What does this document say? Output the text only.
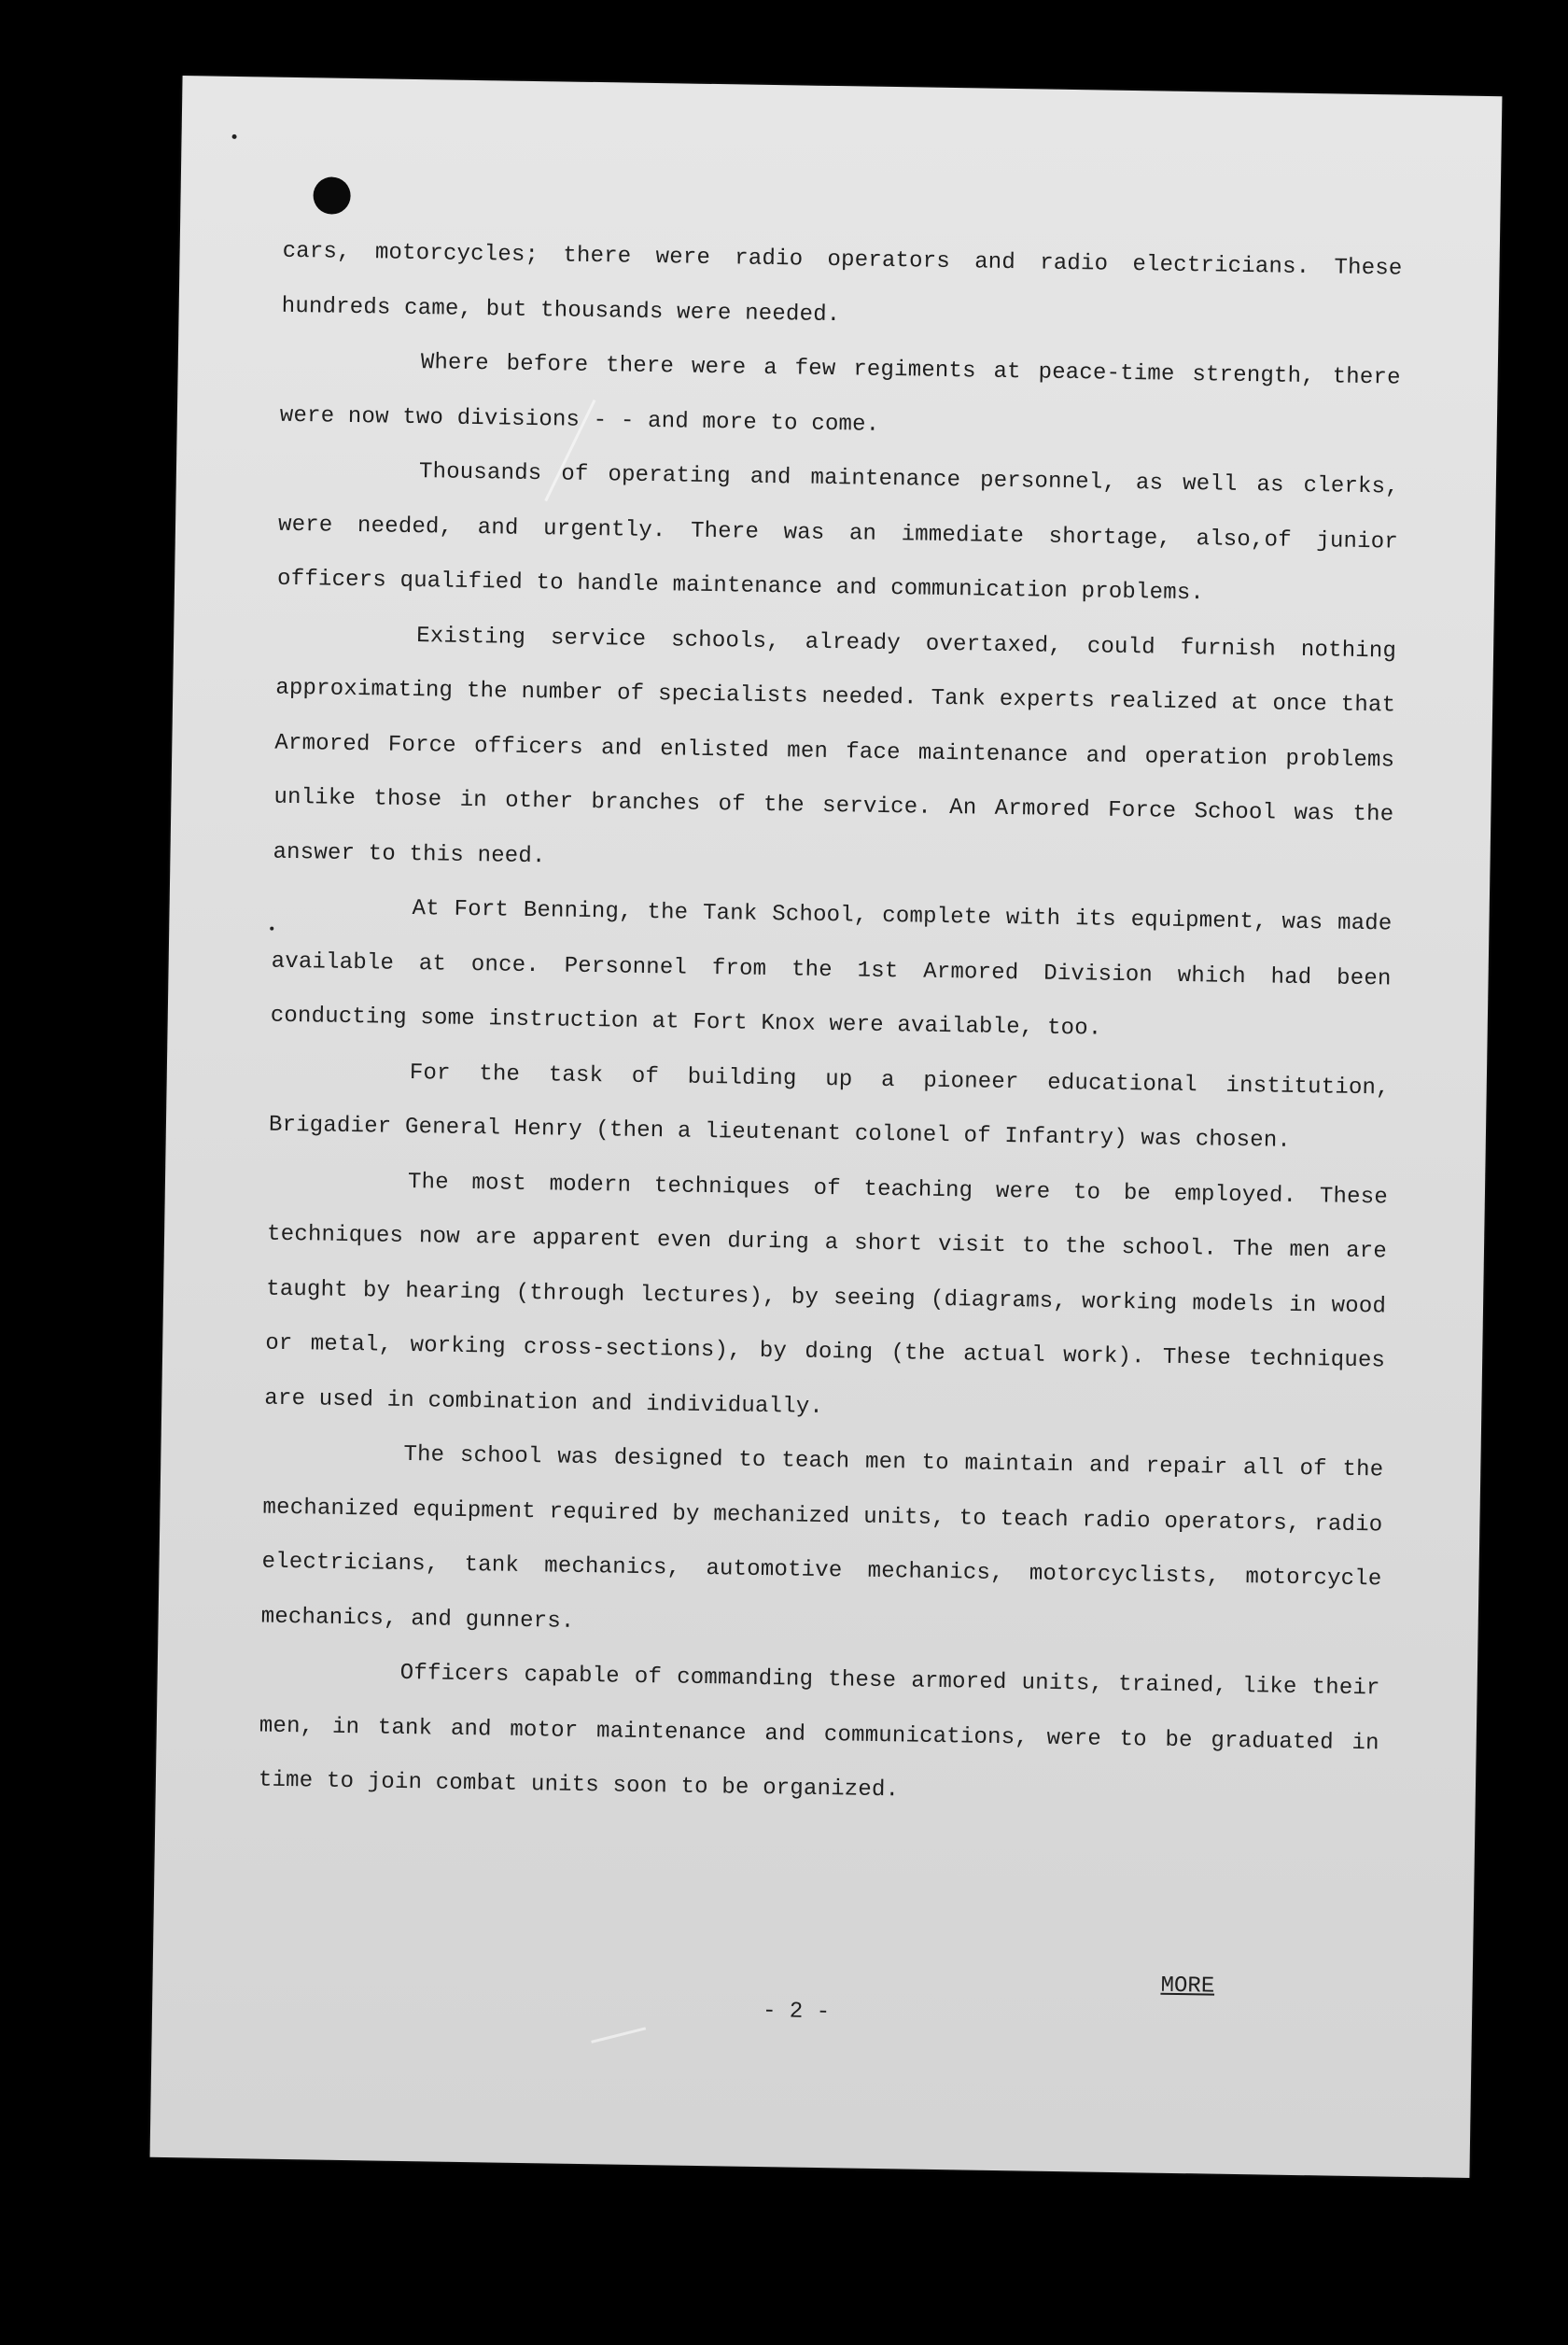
cars, motorcycles; there were radio operators and radio electricians. These hundreds came, but thousands were needed.

Where before there were a few regiments at peace-time strength, there were now two divisions - - and more to come.

Thousands of operating and maintenance personnel, as well as clerks, were needed, and urgently. There was an immediate shortage, also,of junior officers qualified to handle maintenance and communication problems.

Existing service schools, already overtaxed, could furnish nothing approximating the number of specialists needed. Tank experts realized at once that Armored Force officers and enlisted men face maintenance and operation problems unlike those in other branches of the service. An Armored Force School was the answer to this need.

At Fort Benning, the Tank School, complete with its equipment, was made available at once. Personnel from the 1st Armored Division which had been conducting some instruction at Fort Knox were available, too.

For the task of building up a pioneer educational institution, Brigadier General Henry (then a lieutenant colonel of Infantry) was chosen.

The most modern techniques of teaching were to be employed. These techniques now are apparent even during a short visit to the school. The men are taught by hearing (through lectures), by seeing (diagrams, working models in wood or metal, working cross-sections), by doing (the actual work). These techniques are used in combination and individually.

The school was designed to teach men to maintain and repair all of the mechanized equipment required by mechanized units, to teach radio operators, radio electricians, tank mechanics, automotive mechanics, motorcyclists, motorcycle mechanics, and gunners.

Officers capable of commanding these armored units, trained, like their men, in tank and motor maintenance and communications, were to be graduated in time to join combat units soon to be organized.

MORE
- 2 -
